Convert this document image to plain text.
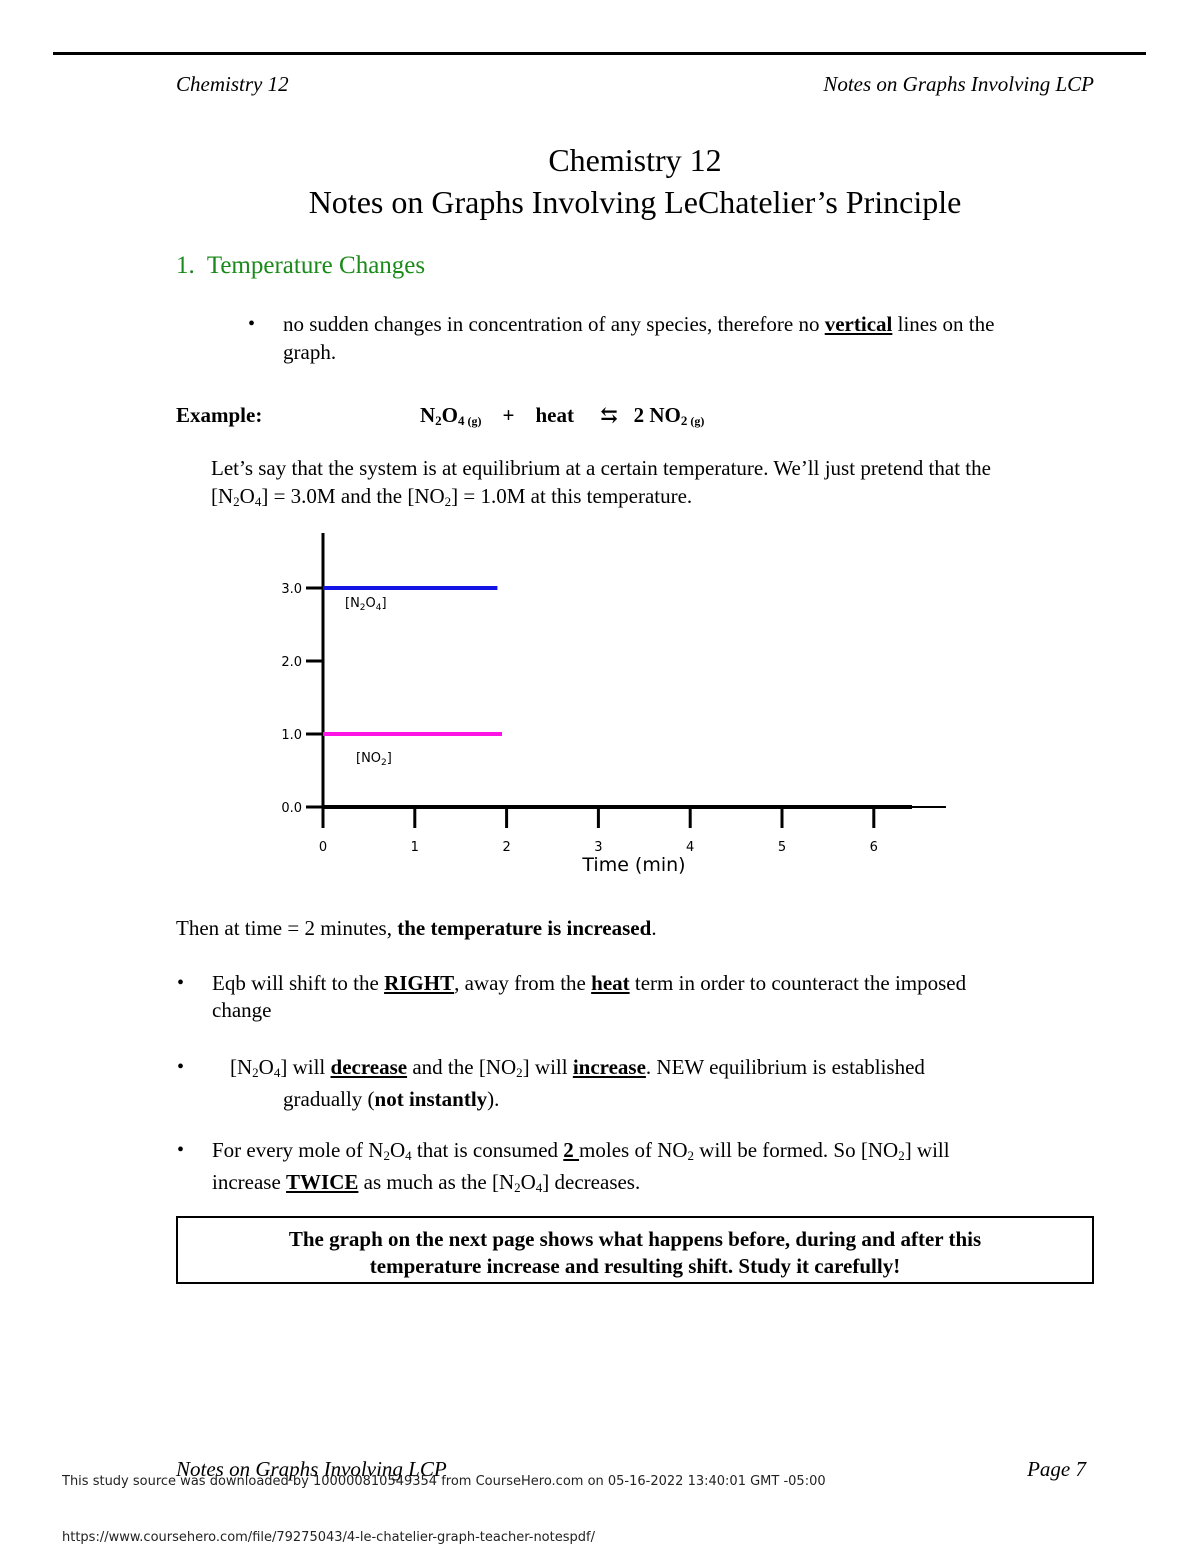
Chemistry 12	Notes on Graphs Involving LCP
Chemistry 12
Notes on Graphs Involving LeChatelier’s Principle
1. Temperature Changes
• no sudden changes in concentration of any species, therefore no vertical lines on the
graph.
Example:	$N_2O_4$ $_{(g)}$ + heat ⇆ 2 $NO_2$ $_{(g)}$
Let’s say that the system is at equilibrium at a certain temperature. We’ll just pretend that the
$[N_2O_4] = 3.0M$ and the $[NO_2] = 1.0M$ at this temperature.
0.0
1.0
2.0
3.0
0	1	2	3	4	5	6
Time (min)
$[N_2O_4]$
$[NO_2]$
Then at time = 2 minutes, the temperature is increased.
• Eqb will shift to the RIGHT, away from the heat term in order to counteract the imposed
change
• $[N_2O_4]$ will decrease and the $[NO_2]$ will increase. NEW equilibrium is established
gradually (not instantly).
• For every mole of $N_2O_4$ that is consumed 2 moles of $NO_2$ will be formed. So $[NO_2]$ will
increase TWICE as much as the $[N_2O_4]$ decreases.
The graph on the next page shows what happens before, during and after this
temperature increase and resulting shift. Study it carefully!
Notes on Graphs Involving LCP	Page 7
This study source was downloaded by 100000810549354 from CourseHero.com on 05-16-2022 13:40:01 GMT -05:00
https://www.coursehero.com/file/79275043/4-le-chatelier-graph-teacher-notespdf/
